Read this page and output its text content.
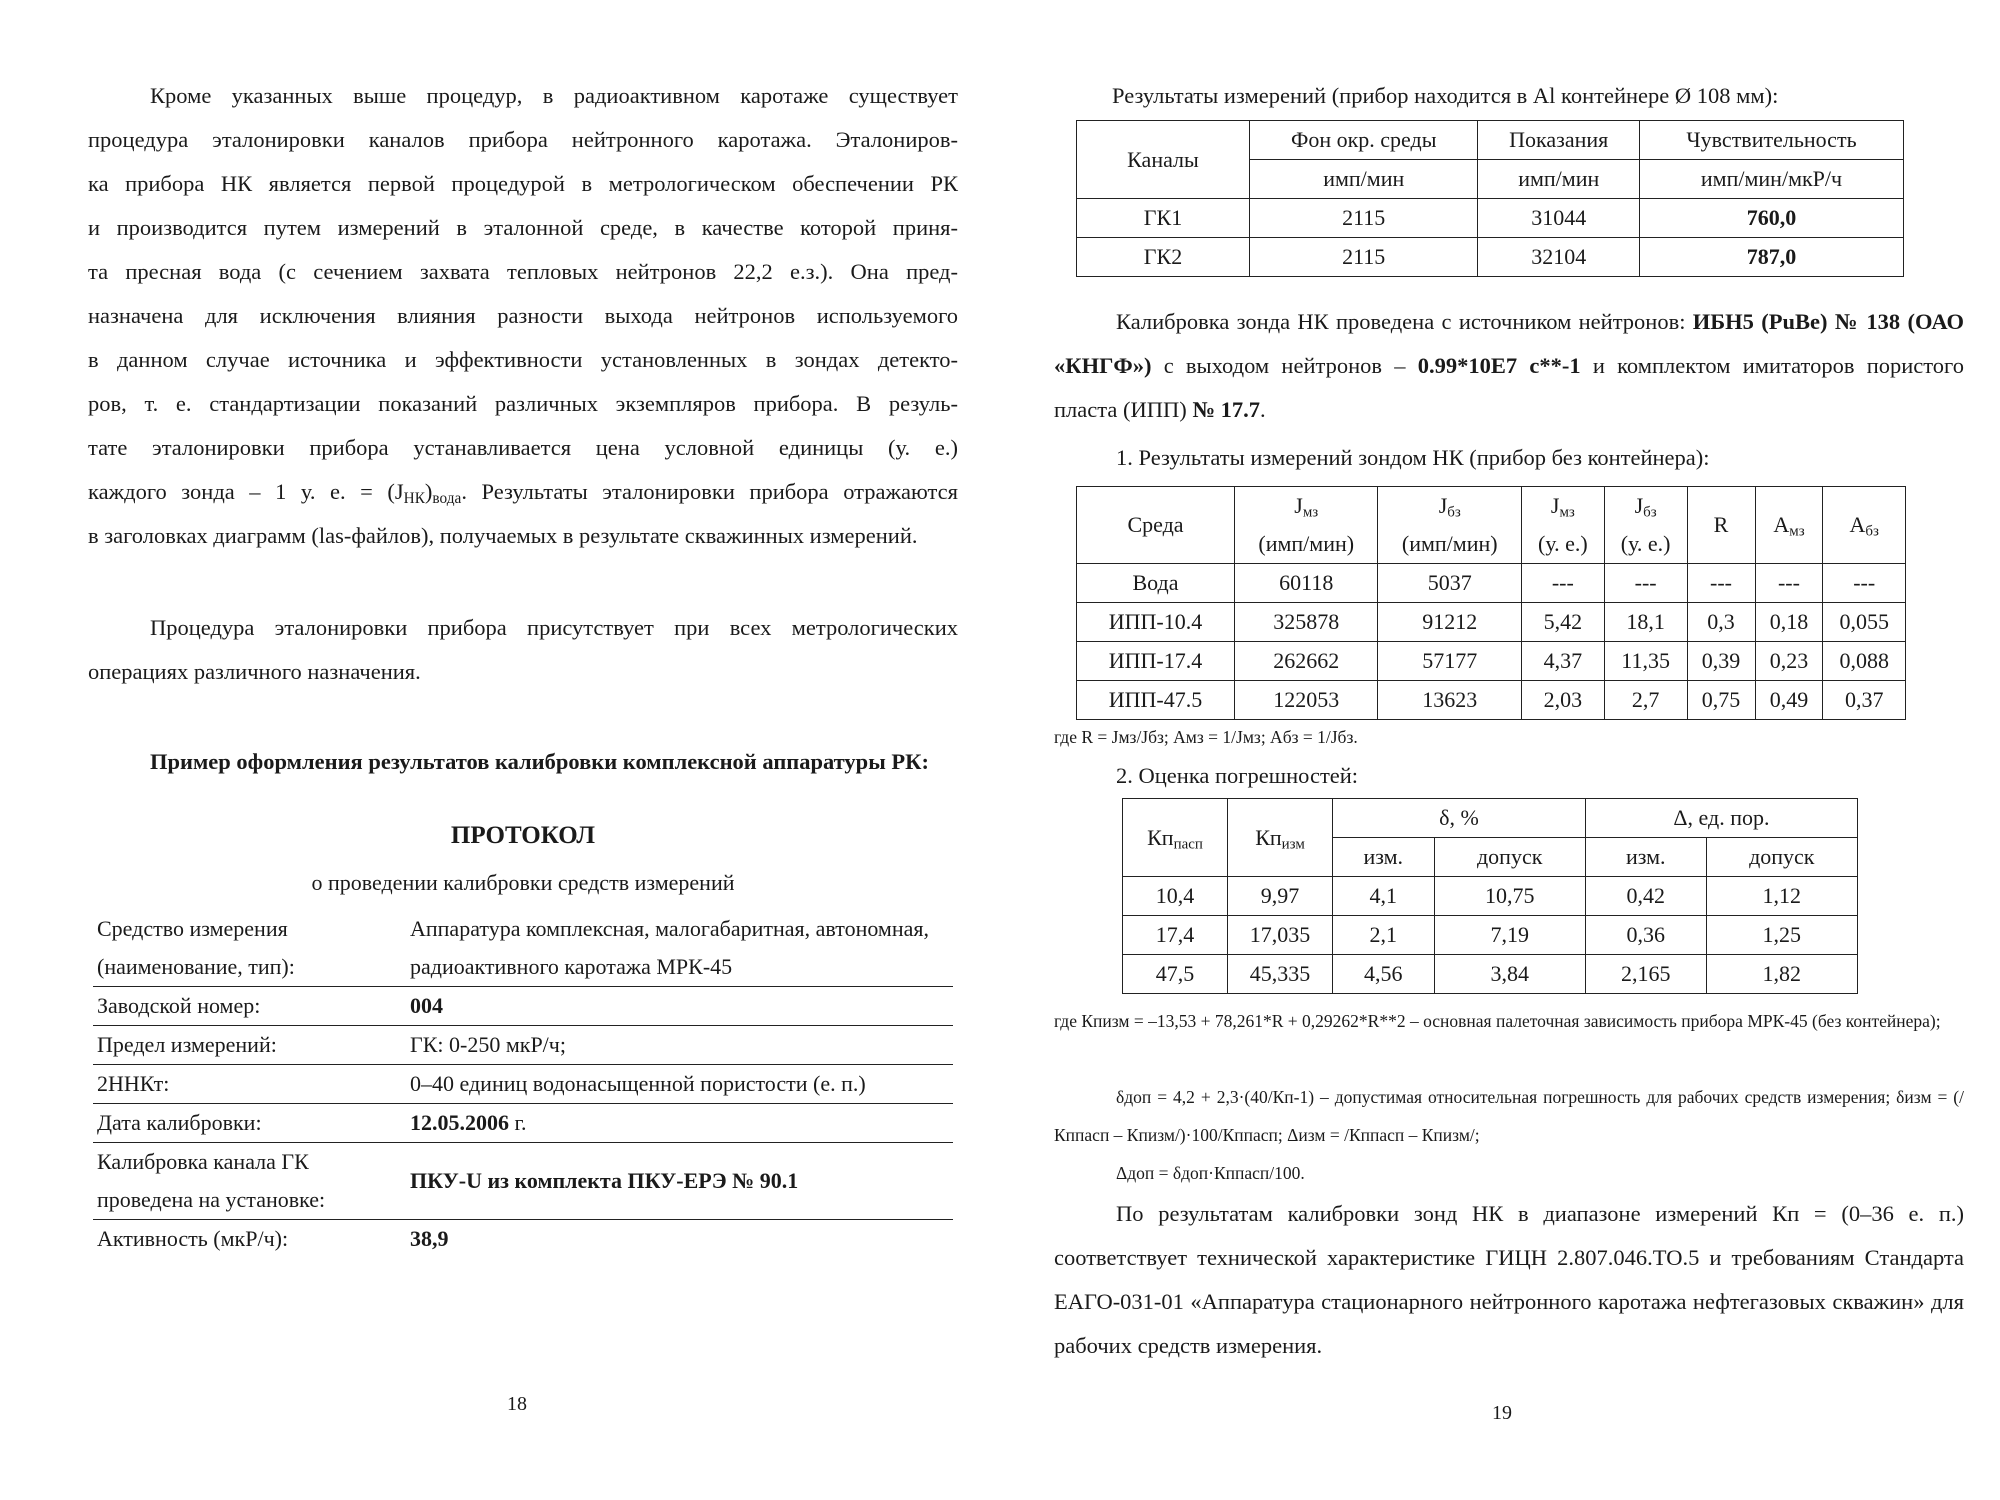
Кроме указанных выше процедур, в радиоактивном каротаже существует

процедура эталонировки каналов прибора нейтронного каротажа. Эталониров-

ка прибора НК является первой процедурой в метрологическом обеспечении РК

и производится путем измерений в эталонной среде, в качестве которой приня-

та пресная вода (с сечением захвата тепловых нейтронов 22,2 е.з.). Она пред-

назначена для исключения влияния разности выхода нейтронов используемого

в данном случае источника и эффективности установленных в зондах детекто-

ров, т. е. стандартизации показаний различных экземпляров прибора. В резуль-

тате эталонировки прибора устанавливается цена условной единицы (у. е.)

каждого зонда – 1 у. е. = $(J_{НК})_{вода}$. Результаты эталонировки прибора отражаются

в заголовках диаграмм (las-файлов), получаемых в результате скважинных измерений.

Процедура эталонировки прибора присутствует при всех метрологических операциях различного назначения.

Пример оформления результатов калибровки комплексной аппаратуры РК:
ПРОТОКОЛ
о проведении калибровки средств измерений
Средство измерения (наименование, тип):	Аппаратура комплексная, малогабаритная, автономная, радиоактивного каротажа МРК-45
Заводской номер:	004
Предел измерений:	ГК: 0-250 мкР/ч;
2ННКт:	0–40 единиц водонасыщенной пористости (е. п.)
Дата калибровки:	12.05.2006 г.
Калибровка канала ГК проведена на установке:	ПКУ-U из комплекта ПКУ-ЕРЭ № 90.1
Активность (мкР/ч):	38,9
18
Результаты измерений (прибор находится в Al контейнере Ø 108 мм):
Каналы	Фон окр. среды	Показания	Чувствительность
	имп/мин	имп/мин	имп/мин/мкР/ч
ГК1	2115	31044	760,0
ГК2	2115	32104	787,0

Калибровка зонда НК проведена с источником нейтронов: ИБН5 (PuBe) № 138 (ОАО «КНГФ») с выходом нейтронов – 0.99*10E7 c**-1 и комплектом имитаторов пористого пласта (ИПП) № 17.7.

1. Результаты измерений зондом НК (прибор без контейнера):
Среда	$J_{мз}$	$J_{бз}$	$J_{мз}$	$J_{бз}$	R	$A_{мз}$	$A_{бз}$
	(имп/мин)	(имп/мин)	(у. е.)	(у. е.)			
Вода	60118	5037	---	---	---	---	---
ИПП-10.4	325878	91212	5,42	18,1	0,3	0,18	0,055
ИПП-17.4	262662	57177	4,37	11,35	0,39	0,23	0,088
ИПП-47.5	122053	13623	2,03	2,7	0,75	0,49	0,37
где R = Jмз/Jбз; Aмз = 1/Jмз; Aбз = 1/Jбз.
2. Оценка погрешностей:
$Кп_{пасп}$	$Кп_{изм}$	δ, %		Δ, ед. пор.	
		изм.	допуск	изм.	допуск
10,4	9,97	4,1	10,75	0,42	1,12
17,4	17,035	2,1	7,19	0,36	1,25
47,5	45,335	4,56	3,84	2,165	1,82

где Кпизм = –13,53 + 78,261*R + 0,29262*R**2 – основная палеточная зависимость прибора МРК-45 (без контейнера);

δдоп = 4,2 + 2,3·(40/Кп-1) – допустимая относительная погрешность для рабочих средств измерения; δизм = (/Кппасп – Кпизм/)·100/Кппасп; Δизм = /Кппасп – Кпизм/;

Δдоп = δдоп·Кппасп/100.

По результатам калибровки зонд НК в диапазоне измерений Кп = (0–36 е. п.) соответствует технической характеристике ГИЦН 2.807.046.ТО.5 и требованиям Стандарта ЕАГО-031-01 «Аппаратура стационарного нейтронного каротажа нефтегазовых скважин» для рабочих средств измерения.

19
